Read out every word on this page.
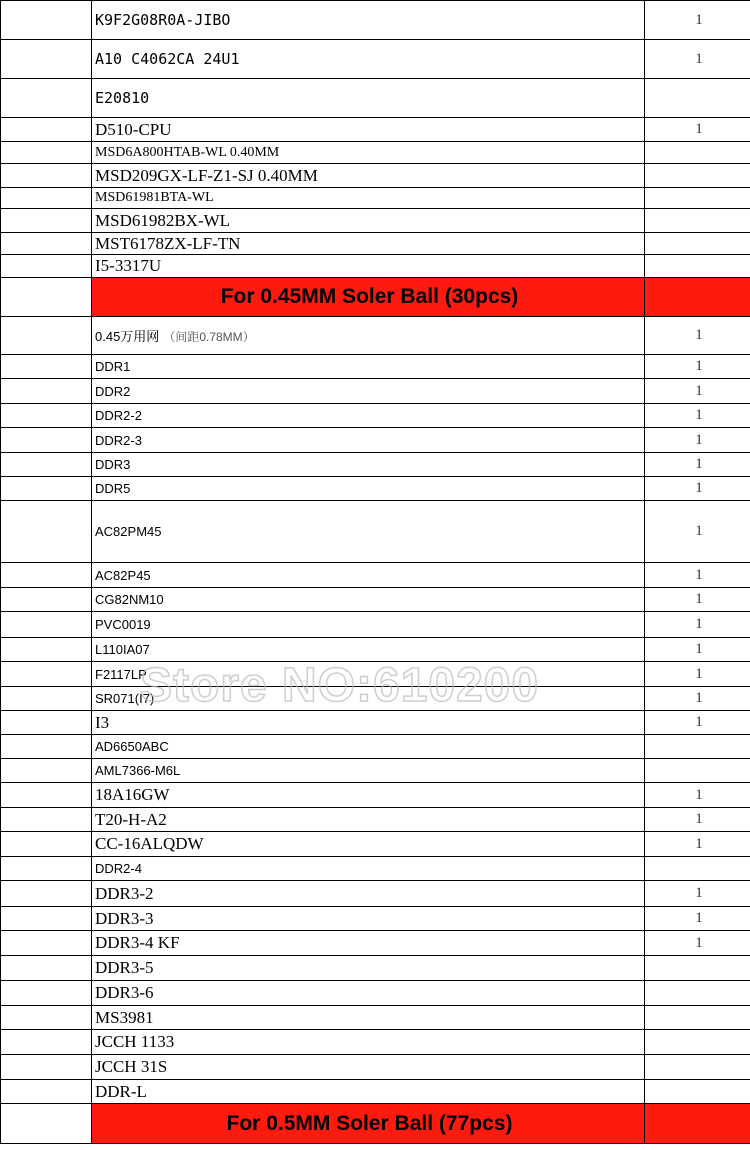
	K9F2G08R0A-JIBO	1
	A10 C4062CA 24U1	1
	E20810	
	D510-CPU	1
	MSD6A800HTAB-WL 0.40MM	
	MSD209GX-LF-Z1-SJ 0.40MM	
	MSD61981BTA-WL	
	MSD61982BX-WL	
	MST6178ZX-LF-TN	
	I5-3317U	
	For 0.45MM Soler Ball (30pcs)	
	0.45万用网 （间距0.78MM）	1
	DDR1	1
	DDR2	1
	DDR2-2	1
	DDR2-3	1
	DDR3	1
	DDR5	1
	AC82PM45	1
	AC82P45	1
	CG82NM10	1
	PVC0019	1
	L110IA07	1
	F2117LP	1
	SR071(I7)	1
	I3	1
	AD6650ABC	
	AML7366-M6L	
	18A16GW	1
	T20-H-A2	1
	CC-16ALQDW	1
	DDR2-4	
	DDR3-2	1
	DDR3-3	1
	DDR3-4 KF	1
	DDR3-5	
	DDR3-6	
	MS3981	
	JCCH 1133	
	JCCH 31S	
	DDR-L	
	For 0.5MM Soler Ball (77pcs)	
Store NO:610200
